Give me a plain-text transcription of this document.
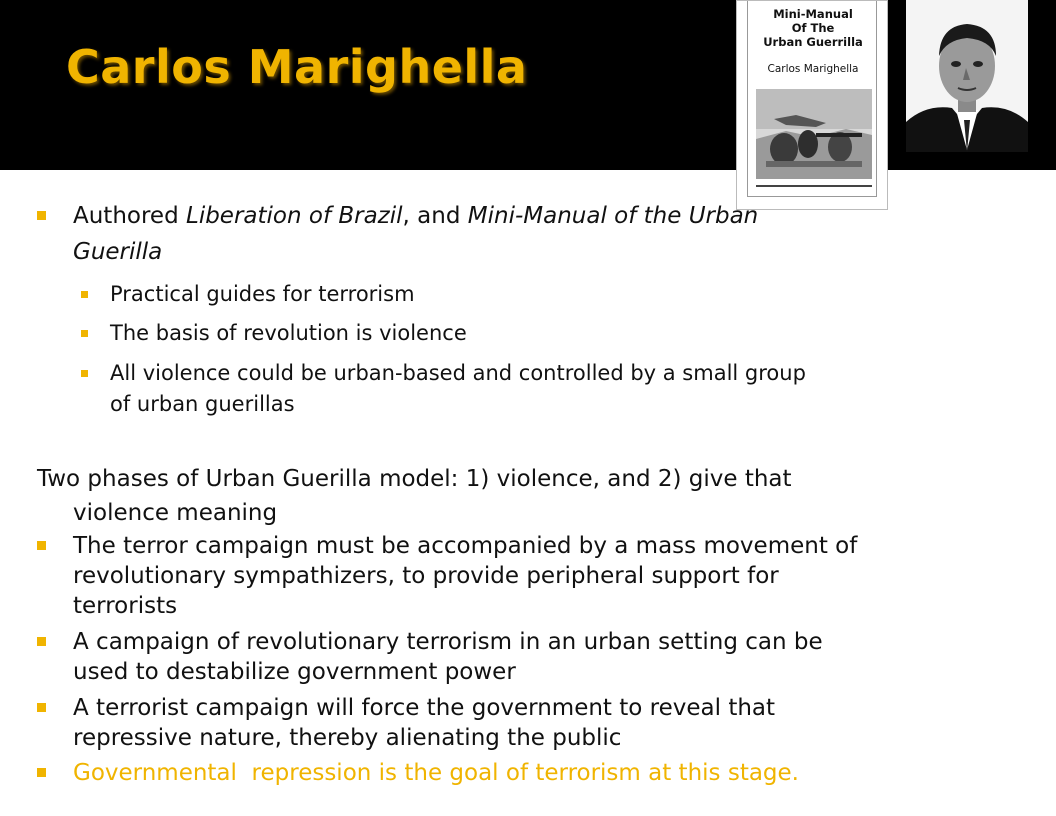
Carlos Marighella
Mini-Manual
Of The
Urban Guerrilla
Carlos Marighella
Authored Liberation of Brazil, and Mini-Manual of the Urban
Guerilla
Practical guides for terrorism
The basis of revolution is violence
All violence could be urban-based and controlled by a small group
of urban guerillas
Two phases of Urban Guerilla model: 1) violence, and 2) give that
violence meaning
The terror campaign must be accompanied by a mass movement of
revolutionary sympathizers, to provide peripheral support for
terrorists
A campaign of revolutionary terrorism in an urban setting can be
used to destabilize government power
A terrorist campaign will force the government to reveal that
repressive nature, thereby alienating the public
Governmental  repression is the goal of terrorism at this stage.
